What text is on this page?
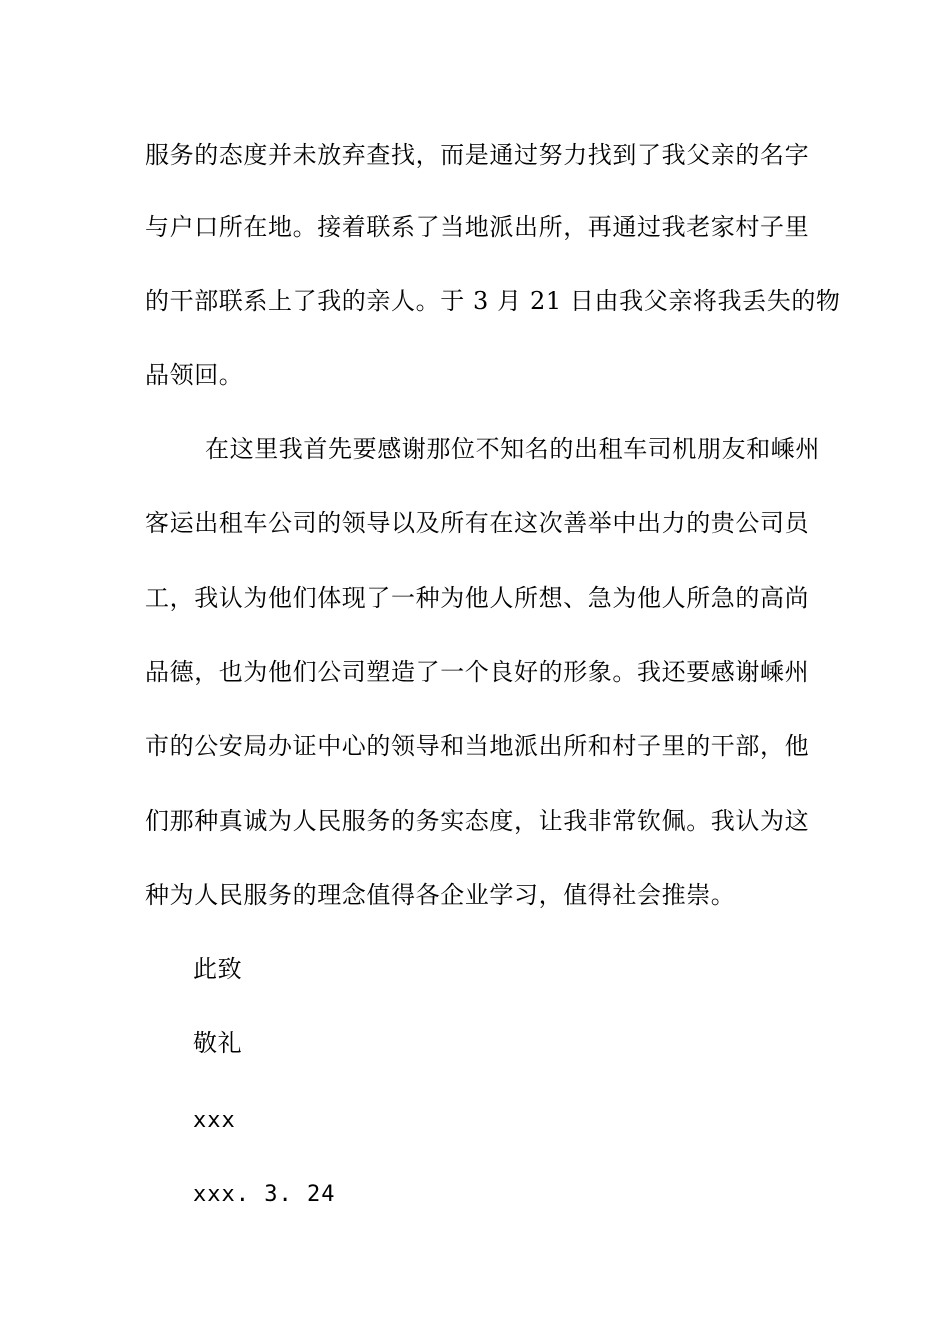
服务的态度并未放弃查找，而是通过努力找到了我父亲的名字
与户口所在地。接着联系了当地派出所，再通过我老家村子里
的干部联系上了我的亲人。于 3 月 21 日由我父亲将我丢失的物
品领回。
在这里我首先要感谢那位不知名的出租车司机朋友和嵊州
客运出租车公司的领导以及所有在这次善举中出力的贵公司员
工，我认为他们体现了一种为他人所想、急为他人所急的高尚
品德，也为他们公司塑造了一个良好的形象。我还要感谢嵊州
市的公安局办证中心的领导和当地派出所和村子里的干部，他
们那种真诚为人民服务的务实态度，让我非常钦佩。我认为这
种为人民服务的理念值得各企业学习，值得社会推崇。
此致
敬礼
xxx
xxx. 3. 24
